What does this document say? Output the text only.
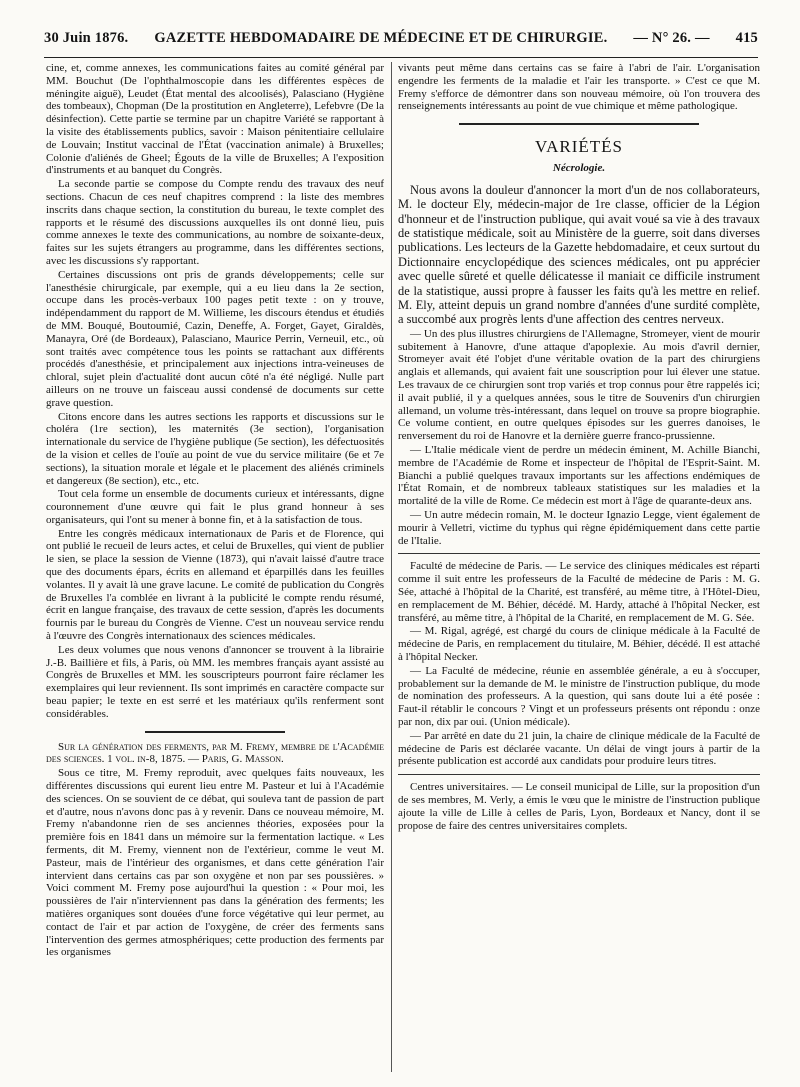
30 Juin 1876. GAZETTE HEBDOMADAIRE DE MÉDECINE ET DE CHIRURGIE. — N° 26. — 415

cine, et, comme annexes, les communications faites au comité général par MM. Bouchut (De l'ophthalmoscopie dans les différentes espèces de méningite aiguë), Leudet (État mental des alcoolisés), Palasciano (Hygiène des tombeaux), Chopman (De la prostitution en Angleterre), Lefebvre (De la désinfection). Cette partie se termine par un chapitre Variété se rapportant à la visite des établissements publics, savoir : Maison pénitentiaire cellulaire de Louvain; Institut vaccinal de l'État (vaccination animale) à Bruxelles; Colonie d'aliénés de Gheel; Égouts de la ville de Bruxelles; A l'exposition d'instruments et au banquet du Congrès.

La seconde partie se compose du Compte rendu des travaux des neuf sections. Chacun de ces neuf chapitres comprend : la liste des membres inscrits dans chaque section, la constitution du bureau, le texte complet des rapports et le résumé des discussions auxquelles ils ont donné lieu, puis comme annexes le texte des communications, au nombre de soixante-deux, faites sur les sujets étrangers au programme, dans les différentes sections, avec les discussions s'y rapportant.

Certaines discussions ont pris de grands développements; celle sur l'anesthésie chirurgicale, par exemple, qui a eu lieu dans la 2e section, occupe dans les procès-verbaux 100 pages petit texte : on y trouve, indépendamment du rapport de M. Willieme, les discours étendus et étudiés de MM. Bouqué, Boutoumié, Cazin, Deneffe, A. Forget, Gayet, Giraldès, Manayra, Oré (de Bordeaux), Palasciano, Maurice Perrin, Verneuil, etc., où sont traités avec compétence tous les points se rattachant aux différents procédés d'anesthésie, et principalement aux injections intra-veineuses de chloral, sujet plein d'actualité dont aucun côté n'a été négligé. Nulle part ailleurs on ne trouve un faisceau aussi condensé de documents sur cette grave question.

Citons encore dans les autres sections les rapports et discussions sur le choléra (1re section), les maternités (3e section), l'organisation internationale du service de l'hygiène publique (5e section), les défectuosités de la vision et celles de l'ouïe au point de vue du service militaire (6e et 7e sections), la situation morale et légale et le placement des aliénés criminels et dangereux (8e section), etc., etc.

Tout cela forme un ensemble de documents curieux et intéressants, digne couronnement d'une œuvre qui fait le plus grand honneur à ses organisateurs, qui l'ont su mener à bonne fin, et à la satisfaction de tous.

Entre les congrès médicaux internationaux de Paris et de Florence, qui ont publié le recueil de leurs actes, et celui de Bruxelles, qui vient de publier le sien, se place la session de Vienne (1873), qui n'avait laissé d'autre trace que des documents épars, écrits en allemand et éparpillés dans les feuilles volantes. Il y avait là une grave lacune. Le comité de publication du Congrès de Bruxelles l'a comblée en livrant à la publicité le compte rendu résumé, écrit en langue française, des travaux de cette session, d'après les documents fournis par le bureau du Congrès de Vienne. C'est un nouveau service rendu à l'œuvre des Congrès internationaux des sciences médicales.

Les deux volumes que nous venons d'annoncer se trouvent à la librairie J.-B. Baillière et fils, à Paris, où MM. les membres français ayant assisté au Congrès de Bruxelles et MM. les souscripteurs pourront faire réclamer les exemplaires qui leur reviennent. Ils sont imprimés en caractère compacte sur beau papier; le texte en est serré et les matériaux qu'ils renferment sont considérables.

Sur la génération des ferments, par M. Fremy, membre de l'Académie des sciences. 1 vol. in-8, 1875. — Paris, G. Masson.

Sous ce titre, M. Fremy reproduit, avec quelques faits nouveaux, les différentes discussions qui eurent lieu entre M. Pasteur et lui à l'Académie des sciences. On se souvient de ce débat, qui souleva tant de passion de part et d'autre, nous n'avons donc pas à y revenir. Dans ce nouveau mémoire, M. Fremy n'abandonne rien de ses anciennes théories, exposées pour la première fois en 1841 dans un mémoire sur la fermentation lactique. « Les ferments, dit M. Fremy, viennent non de l'extérieur, comme le veut M. Pasteur, mais de l'intérieur des organismes, et dans cette génération l'air intervient dans certains cas par son oxygène et non par ses poussières. » Voici comment M. Fremy pose aujourd'hui la question : « Pour moi, les poussières de l'air n'interviennent pas dans la génération des ferments; les matières organiques sont douées d'une force végétative qui leur permet, au contact de l'air et par action de l'oxygène, de créer des ferments sans l'intervention des germes atmosphériques; cette production des ferments par les organismes

vivants peut même dans certains cas se faire à l'abri de l'air. L'organisation engendre les ferments de la maladie et l'air les transporte. » C'est ce que M. Fremy s'efforce de démontrer dans son nouveau mémoire, où l'on trouvera des renseignements intéressants au point de vue chimique et même pathologique.

VARIÉTÉS
Nécrologie.

Nous avons la douleur d'annoncer la mort d'un de nos collaborateurs, M. le docteur Ely, médecin-major de 1re classe, officier de la Légion d'honneur et de l'instruction publique, qui avait voué sa vie à des travaux de statistique médicale, soit au Ministère de la guerre, soit dans diverses publications. Les lecteurs de la Gazette hebdomadaire, et ceux surtout du Dictionnaire encyclopédique des sciences médicales, ont pu apprécier avec quelle sûreté et quelle délicatesse il maniait ce difficile instrument de la statistique, aussi propre à fausser les faits qu'à les mettre en relief. M. Ely, atteint depuis un grand nombre d'années d'une surdité complète, a succombé aux progrès lents d'une affection des centres nerveux.

— Un des plus illustres chirurgiens de l'Allemagne, Stromeyer, vient de mourir subitement à Hanovre, d'une attaque d'apoplexie. Au mois d'avril dernier, Stromeyer avait été l'objet d'une véritable ovation de la part des chirurgiens anglais et allemands, qui avaient fait une souscription pour lui élever une statue. Les travaux de ce chirurgien sont trop variés et trop connus pour être rappelés ici; il avait publié, il y a quelques années, sous le titre de Souvenirs d'un chirurgien allemand, un volume très-intéressant, dans lequel on trouve sa propre biographie. Ce volume contient, en outre quelques épisodes sur les guerres danoises, le renversement du roi de Hanovre et la dernière guerre franco-prussienne.

— L'Italie médicale vient de perdre un médecin éminent, M. Achille Bianchi, membre de l'Académie de Rome et inspecteur de l'hôpital de l'Esprit-Saint. M. Bianchi a publié quelques travaux importants sur les affections endémiques de l'État Romain, et de nombreux tableaux statistiques sur les maladies et la mortalité de la ville de Rome. Ce médecin est mort à l'âge de quarante-deux ans.

— Un autre médecin romain, M. le docteur Ignazio Legge, vient également de mourir à Velletri, victime du typhus qui règne épidémiquement dans cette partie de l'Italie.

Faculté de médecine de Paris. — Le service des cliniques médicales est réparti comme il suit entre les professeurs de la Faculté de médecine de Paris : M. G. Sée, attaché à l'hôpital de la Charité, est transféré, au même titre, à l'Hôtel-Dieu, en remplacement de M. Béhier, décédé. M. Hardy, attaché à l'hôpital Necker, est transféré, au même titre, à l'hôpital de la Charité, en remplacement de M. G. Sée.

— M. Rigal, agrégé, est chargé du cours de clinique médicale à la Faculté de médecine de Paris, en remplacement du titulaire, M. Béhier, décédé. Il est attaché à l'hôpital Necker.

— La Faculté de médecine, réunie en assemblée générale, a eu à s'occuper, probablement sur la demande de M. le ministre de l'instruction publique, du mode de nomination des professeurs. A la question, qui sans doute lui a été posée : Faut-il rétablir le concours ? Vingt et un professeurs présents ont répondu : onze par non, dix par oui. (Union médicale).

— Par arrêté en date du 21 juin, la chaire de clinique médicale de la Faculté de médecine de Paris est déclarée vacante. Un délai de vingt jours à partir de la présente publication est accordé aux candidats pour produire leurs titres.

Centres universitaires. — Le conseil municipal de Lille, sur la proposition d'un de ses membres, M. Verly, a émis le vœu que le ministre de l'instruction publique ajoute la ville de Lille à celles de Paris, Lyon, Bordeaux et Nancy, dont il se propose de faire des centres universitaires complets.
